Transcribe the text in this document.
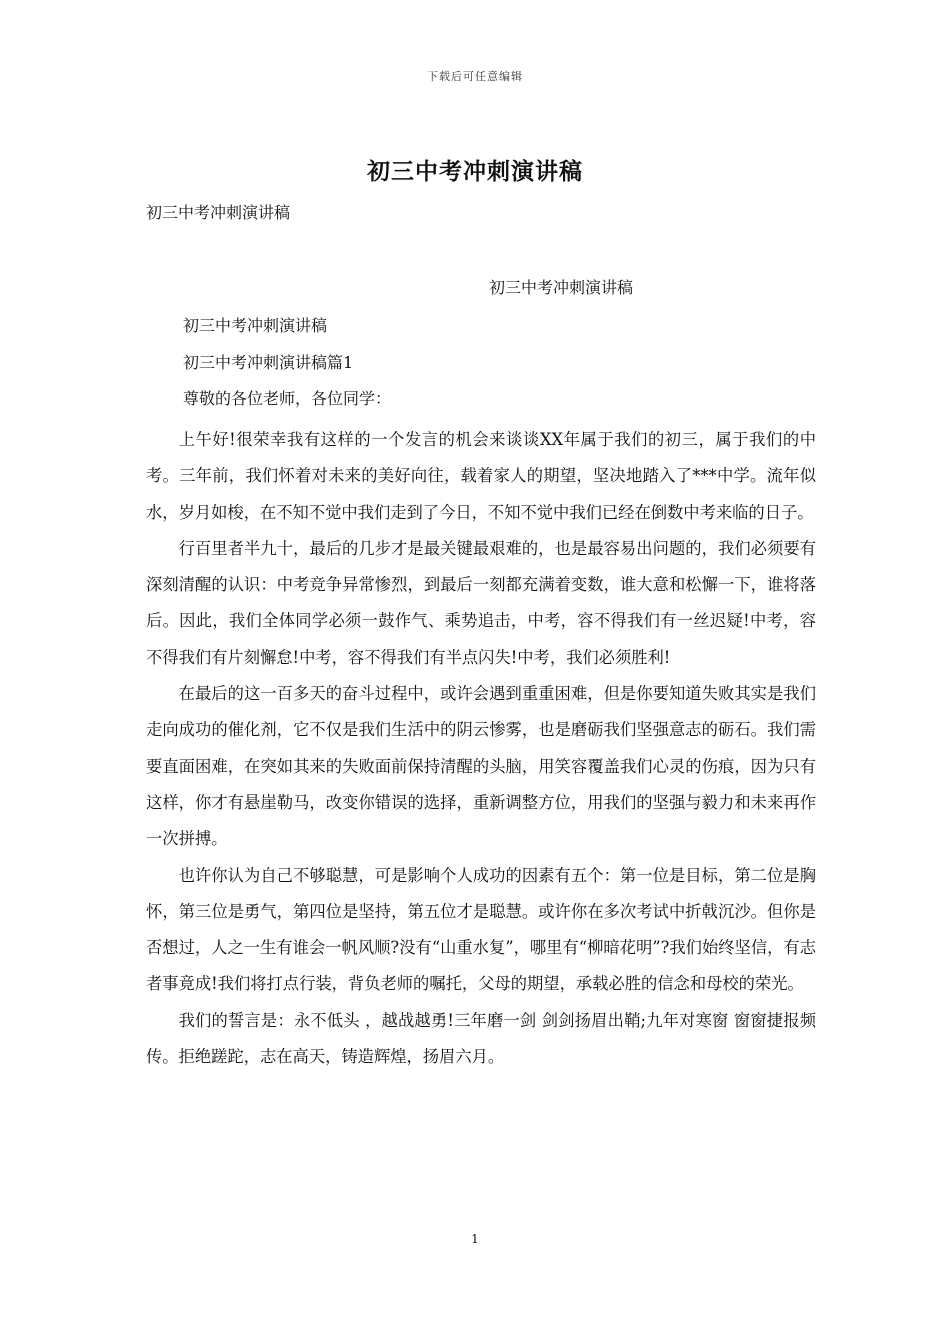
下载后可任意编辑
初三中考冲刺演讲稿
初三中考冲刺演讲稿
初三中考冲刺演讲稿
初三中考冲刺演讲稿
初三中考冲刺演讲稿篇1
尊敬的各位老师，各位同学：

上午好!很荣幸我有这样的一个发言的机会来谈谈XX年属于我们的初三，属于我们的中考。三年前，我们怀着对未来的美好向往，载着家人的期望，坚决地踏入了***中学。流年似水，岁月如梭，在不知不觉中我们走到了今日，不知不觉中我们已经在倒数中考来临的日子。

行百里者半九十，最后的几步才是最关键最艰难的，也是最容易出问题的，我们必须要有深刻清醒的认识：中考竞争异常惨烈，到最后一刻都充满着变数，谁大意和松懈一下，谁将落后。因此，我们全体同学必须一鼓作气、乘势追击，中考，容不得我们有一丝迟疑!中考，容不得我们有片刻懈怠!中考，容不得我们有半点闪失!中考，我们必须胜利!

在最后的这一百多天的奋斗过程中，或许会遇到重重困难，但是你要知道失败其实是我们走向成功的催化剂，它不仅是我们生活中的阴云惨雾，也是磨砺我们坚强意志的砺石。我们需要直面困难，在突如其来的失败面前保持清醒的头脑，用笑容覆盖我们心灵的伤痕，因为只有这样，你才有悬崖勒马，改变你错误的选择，重新调整方位，用我们的坚强与毅力和未来再作一次拼搏。

也许你认为自己不够聪慧，可是影响个人成功的因素有五个：第一位是目标，第二位是胸怀，第三位是勇气，第四位是坚持，第五位才是聪慧。或许你在多次考试中折戟沉沙。但你是否想过，人之一生有谁会一帆风顺?没有“山重水复”，哪里有“柳暗花明”?我们始终坚信，有志者事竟成!我们将打点行装，背负老师的嘱托，父母的期望，承载必胜的信念和母校的荣光。

我们的誓言是：永不低头 ，越战越勇!三年磨一剑 剑剑扬眉出鞘;九年对寒窗 窗窗捷报频传。拒绝蹉跎，志在高天，铸造辉煌，扬眉六月。

1
